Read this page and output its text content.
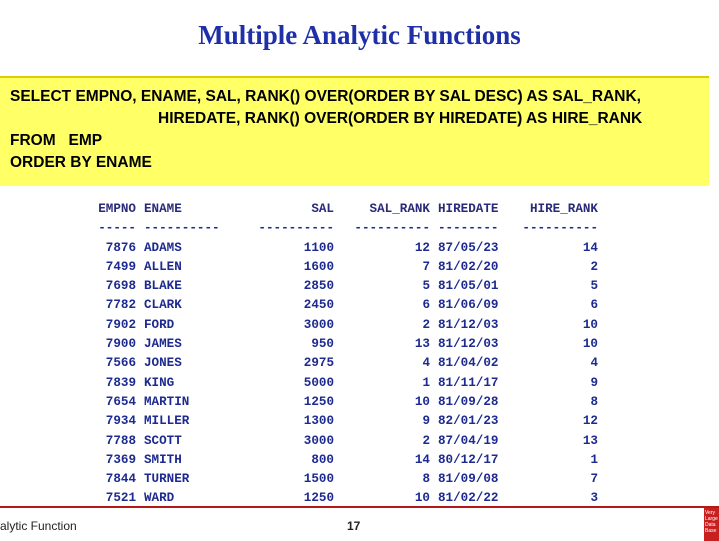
Multiple Analytic Functions
SELECT EMPNO, ENAME, SAL, RANK() OVER(ORDER BY SAL DESC) AS SAL_RANK,
HIREDATE, RANK() OVER(ORDER BY HIREDATE) AS HIRE_RANK
FROM   EMP
ORDER BY ENAME
EMPNO ENAME	SAL	SAL_RANK HIREDATE	HIRE_RANK
----- ----------	----------	---------- --------	----------
7876 ADAMS	1100	12 87/05/23	14
7499 ALLEN	1600	7 81/02/20	2
7698 BLAKE	2850	5 81/05/01	5
7782 CLARK	2450	6 81/06/09	6
7902 FORD	3000	2 81/12/03	10
7900 JAMES	950	13 81/12/03	10
7566 JONES	2975	4 81/04/02	4
7839 KING	5000	1 81/11/17	9
7654 MARTIN	1250	10 81/09/28	8
7934 MILLER	1300	9 82/01/23	12
7788 SCOTT	3000	2 87/04/19	13
7369 SMITH	800	14 80/12/17	1
7844 TURNER	1500	8 81/09/08	7
7521 WARD	1250	10 81/02/22	3
alytic Function	17
Very Large Data Base
